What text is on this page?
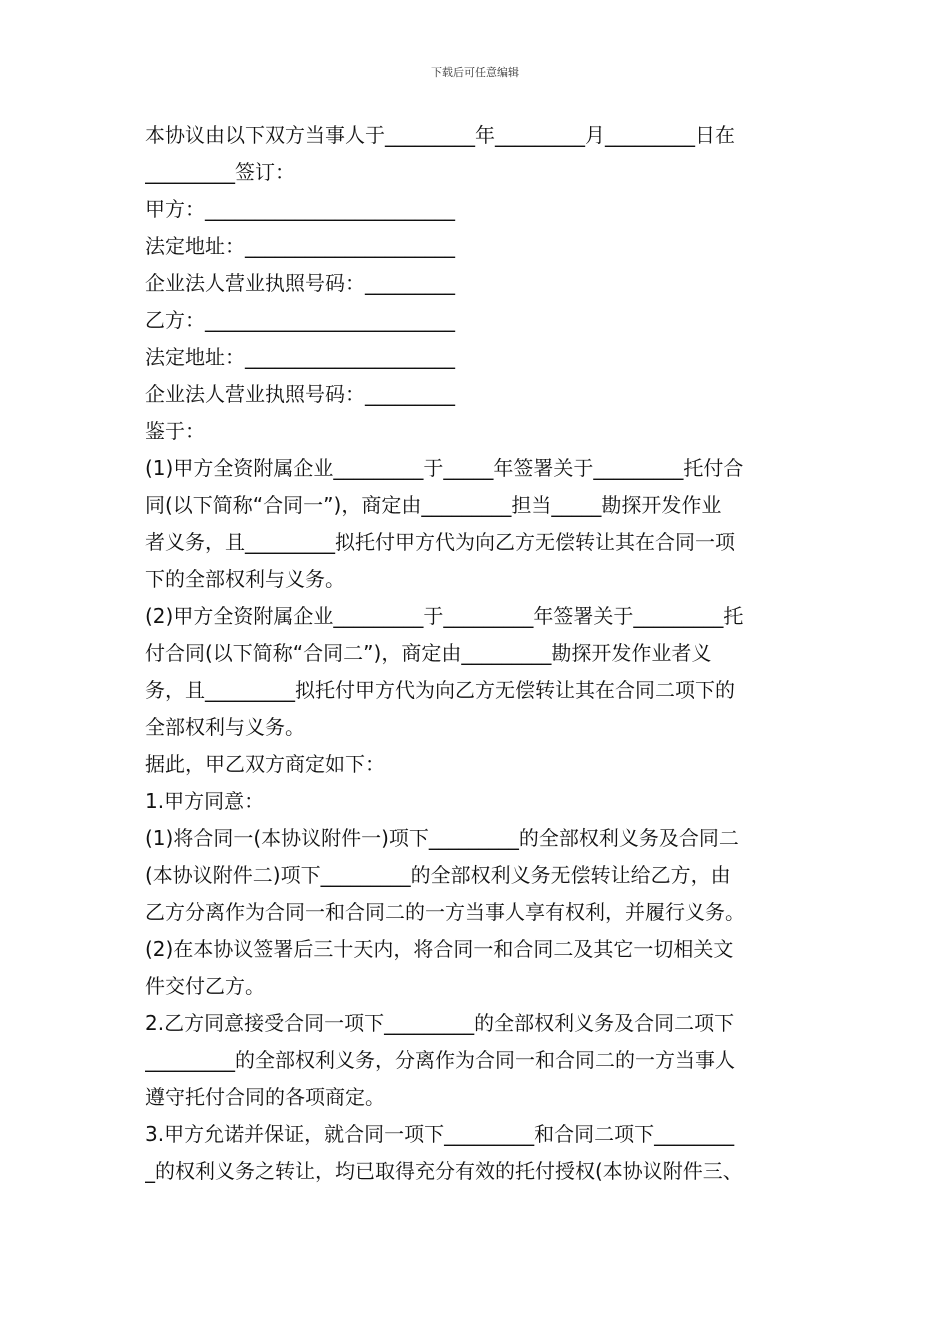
下载后可任意编辑
本协议由以下双方当事人于_________年_________月_________日在
_________签订：
甲方：_________________________
法定地址：_____________________
企业法人营业执照号码：_________
乙方：_________________________
法定地址：_____________________
企业法人营业执照号码：_________
鉴于：
(1)甲方全资附属企业_________于_____年签署关于_________托付合
同(以下简称“合同一”)，商定由_________担当_____勘探开发作业
者义务，且_________拟托付甲方代为向乙方无偿转让其在合同一项
下的全部权利与义务。
(2)甲方全资附属企业_________于_________年签署关于_________托
付合同(以下简称“合同二”)，商定由_________勘探开发作业者义
务，且_________拟托付甲方代为向乙方无偿转让其在合同二项下的
全部权利与义务。
据此，甲乙双方商定如下：
1.甲方同意：
(1)将合同一(本协议附件一)项下_________的全部权利义务及合同二
(本协议附件二)项下_________的全部权利义务无偿转让给乙方，由
乙方分离作为合同一和合同二的一方当事人享有权利，并履行义务。
(2)在本协议签署后三十天内，将合同一和合同二及其它一切相关文
件交付乙方。
2.乙方同意接受合同一项下_________的全部权利义务及合同二项下
_________的全部权利义务，分离作为合同一和合同二的一方当事人
遵守托付合同的各项商定。
3.甲方允诺并保证，就合同一项下_________和合同二项下________
_的权利义务之转让，均已取得充分有效的托付授权(本协议附件三、
